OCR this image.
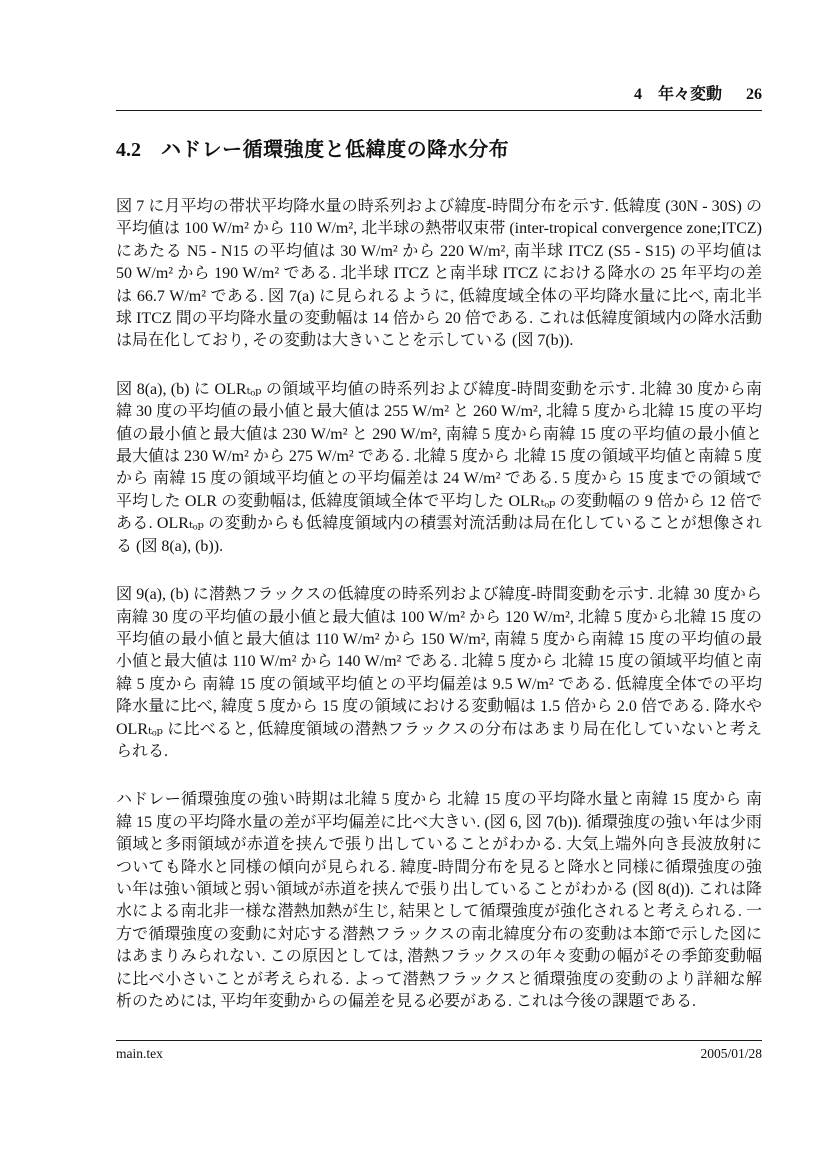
4 年々変動 26
4.2 ハドレー循環強度と低緯度の降水分布

図 7 に月平均の帯状平均降水量の時系列および緯度-時間分布を示す. 低緯度 (30N - 30S) の平均値は 100 W/m² から 110 W/m², 北半球の熱帯収束帯 (inter-tropical convergence zone;ITCZ) にあたる N5 - N15 の平均値は 30 W/m² から 220 W/m², 南半球 ITCZ (S5 - S15) の平均値は 50 W/m² から 190 W/m² である. 北半球 ITCZ と南半球 ITCZ における降水の 25 年平均の差は 66.7 W/m² である. 図 7(a) に見られるように, 低緯度域全体の平均降水量に比べ, 南北半球 ITCZ 間の平均降水量の変動幅は 14 倍から 20 倍である. これは低緯度領域内の降水活動は局在化しており, その変動は大きいことを示している (図 7(b)).

図 8(a), (b) に OLRₜₒₚ の領域平均値の時系列および緯度-時間変動を示す. 北緯 30 度から南緯 30 度の平均値の最小値と最大値は 255 W/m² と 260 W/m², 北緯 5 度から北緯 15 度の平均値の最小値と最大値は 230 W/m² と 290 W/m², 南緯 5 度から南緯 15 度の平均値の最小値と最大値は 230 W/m² から 275 W/m² である. 北緯 5 度から 北緯 15 度の領域平均値と南緯 5 度から 南緯 15 度の領域平均値との平均偏差は 24 W/m² である. 5 度から 15 度までの領域で平均した OLR の変動幅は, 低緯度領域全体で平均した OLRₜₒₚ の変動幅の 9 倍から 12 倍である. OLRₜₒₚ の変動からも低緯度領域内の積雲対流活動は局在化していることが想像される (図 8(a), (b)).

図 9(a), (b) に潜熱フラックスの低緯度の時系列および緯度-時間変動を示す. 北緯 30 度から南緯 30 度の平均値の最小値と最大値は 100 W/m² から 120 W/m², 北緯 5 度から北緯 15 度の平均値の最小値と最大値は 110 W/m² から 150 W/m², 南緯 5 度から南緯 15 度の平均値の最小値と最大値は 110 W/m² から 140 W/m² である. 北緯 5 度から 北緯 15 度の領域平均値と南緯 5 度から 南緯 15 度の領域平均値との平均偏差は 9.5 W/m² である. 低緯度全体での平均降水量に比べ, 緯度 5 度から 15 度の領域における変動幅は 1.5 倍から 2.0 倍である. 降水や OLRₜₒₚ に比べると, 低緯度領域の潜熱フラックスの分布はあまり局在化していないと考えられる.

ハドレー循環強度の強い時期は北緯 5 度から 北緯 15 度の平均降水量と南緯 15 度から 南緯 15 度の平均降水量の差が平均偏差に比べ大きい. (図 6, 図 7(b)). 循環強度の強い年は少雨領域と多雨領域が赤道を挟んで張り出していることがわかる. 大気上端外向き長波放射についても降水と同様の傾向が見られる. 緯度-時間分布を見ると降水と同様に循環強度の強い年は強い領域と弱い領域が赤道を挟んで張り出していることがわかる (図 8(d)). これは降水による南北非一様な潜熱加熱が生じ, 結果として循環強度が強化されると考えられる. 一方で循環強度の変動に対応する潜熱フラックスの南北緯度分布の変動は本節で示した図にはあまりみられない. この原因としては, 潜熱フラックスの年々変動の幅がその季節変動幅に比べ小さいことが考えられる. よって潜熱フラックスと循環強度の変動のより詳細な解析のためには, 平均年変動からの偏差を見る必要がある. これは今後の課題である.

main.tex	2005/01/28
